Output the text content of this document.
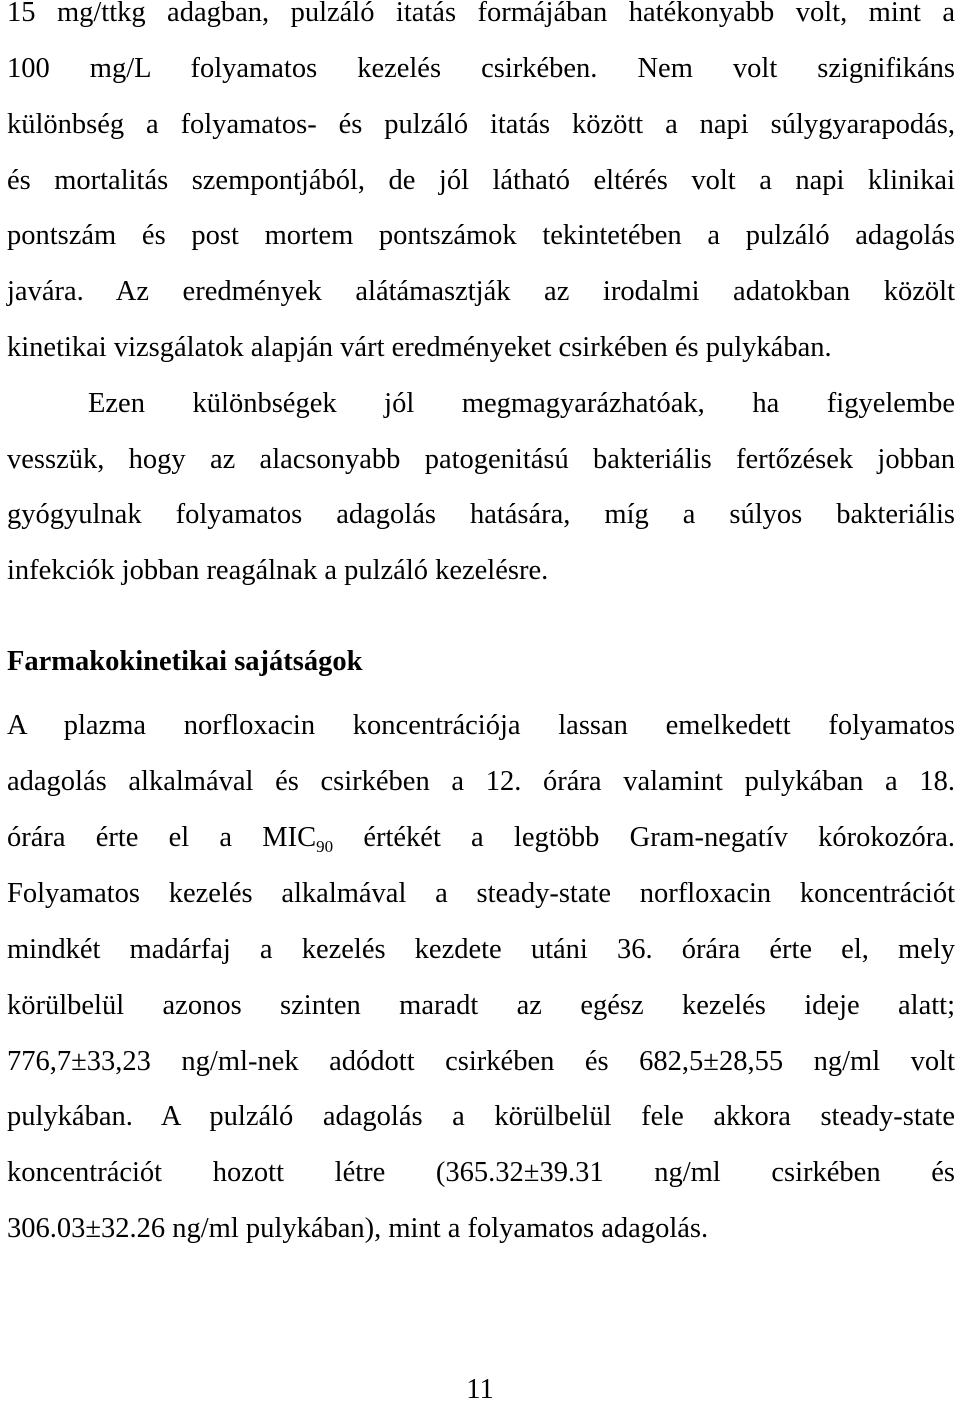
15 mg/ttkg adagban, pulzáló itatás formájában hatékonyabb volt, mint a
100 mg/L folyamatos kezelés csirkében. Nem volt szignifikáns
különbség a folyamatos- és pulzáló itatás között a napi súlygyarapodás,
és mortalitás szempontjából, de jól látható eltérés volt a napi klinikai
pontszám és post mortem pontszámok tekintetében a pulzáló adagolás
javára. Az eredmények alátámasztják az irodalmi adatokban közölt
kinetikai vizsgálatok alapján várt eredményeket csirkében és pulykában.
Ezen különbségek jól megmagyarázhatóak, ha figyelembe
vesszük, hogy az alacsonyabb patogenitású bakteriális fertőzések jobban
gyógyulnak folyamatos adagolás hatására, míg a súlyos bakteriális
infekciók jobban reagálnak a pulzáló kezelésre.
Farmakokinetikai sajátságok
A plazma norfloxacin koncentrációja lassan emelkedett folyamatos
adagolás alkalmával és csirkében a 12. órára valamint pulykában a 18.
órára érte el a $MIC_{90}$ értékét a legtöbb Gram-negatív kórokozóra.
Folyamatos kezelés alkalmával a steady-state norfloxacin koncentrációt
mindkét madárfaj a kezelés kezdete utáni 36. órára érte el, mely
körülbelül azonos szinten maradt az egész kezelés ideje alatt;
776,7±33,23 ng/ml-nek adódott csirkében és 682,5±28,55 ng/ml volt
pulykában. A pulzáló adagolás a körülbelül fele akkora steady-state
koncentrációt hozott létre (365.32±39.31 ng/ml csirkében és
306.03±32.26 ng/ml pulykában), mint a folyamatos adagolás.
11
